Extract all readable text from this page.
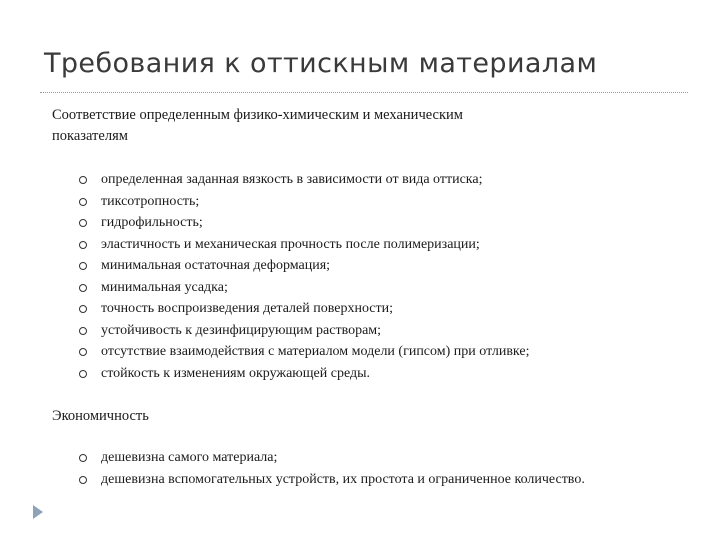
Требования к оттискным материалам

Соответствие определенным физико-химическим и механическим показателям

определенная заданная вязкость в зависимости от вида оттиска;
тиксотропность;
гидрофильность;
эластичность и механическая прочность после полимеризации;
минимальная остаточная деформация;
минимальная усадка;
точность воспроизведения деталей поверхности;
устойчивость к дезинфицирующим растворам;
отсутствие взаимодействия с материалом модели (гипсом) при отливке;
стойкость к изменениям окружающей среды.

Экономичность

дешевизна самого материала;
дешевизна вспомогательных устройств, их простота и ограниченное количество.
